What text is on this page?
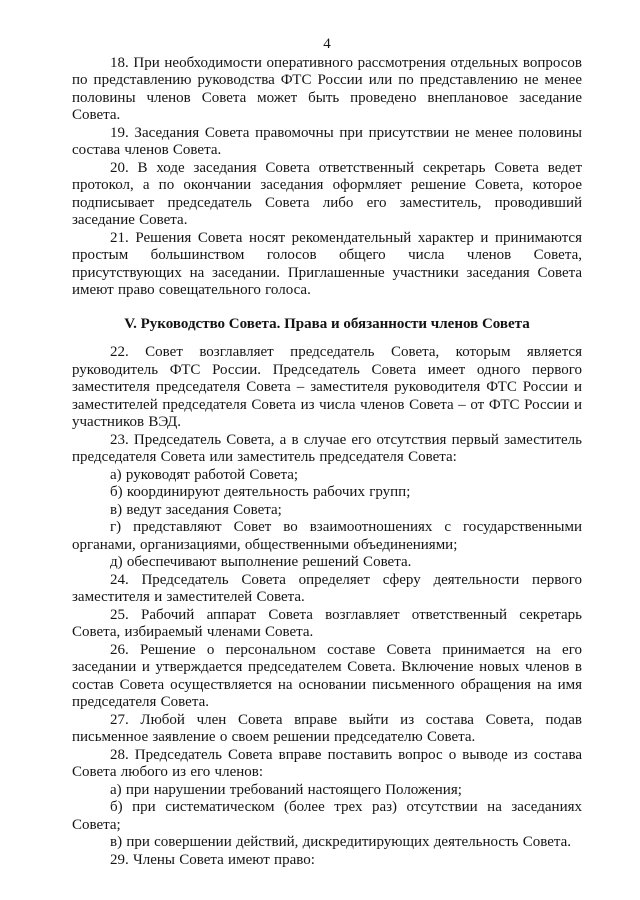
4

18. При необходимости оперативного рассмотрения отдельных вопросов по представлению руководства ФТС России или по представлению не менее половины членов Совета может быть проведено внеплановое заседание Совета.

19. Заседания Совета правомочны при присутствии не менее половины состава членов Совета.

20. В ходе заседания Совета ответственный секретарь Совета ведет протокол, а по окончании заседания оформляет решение Совета, которое подписывает председатель Совета либо его заместитель, проводивший заседание Совета.

21. Решения Совета носят рекомендательный характер и принимаются простым большинством голосов общего числа членов Совета, присутствующих на заседании. Приглашенные участники заседания Совета имеют право совещательного голоса.

V. Руководство Совета. Права и обязанности членов Совета

22. Совет возглавляет председатель Совета, которым является руководитель ФТС России. Председатель Совета имеет одного первого заместителя председателя Совета – заместителя руководителя ФТС России и заместителей председателя Совета из числа членов Совета – от ФТС России и участников ВЭД.

23. Председатель Совета, а в случае его отсутствия первый заместитель председателя Совета или заместитель председателя Совета:

а) руководят работой Совета;

б) координируют деятельность рабочих групп;

в) ведут заседания Совета;

г) представляют Совет во взаимоотношениях с государственными органами, организациями, общественными объединениями;

д) обеспечивают выполнение решений Совета.

24. Председатель Совета определяет сферу деятельности первого заместителя и заместителей Совета.

25. Рабочий аппарат Совета возглавляет ответственный секретарь Совета, избираемый членами Совета.

26. Решение о персональном составе Совета принимается на его заседании и утверждается председателем Совета. Включение новых членов в состав Совета осуществляется на основании письменного обращения на имя председателя Совета.

27. Любой член Совета вправе выйти из состава Совета, подав письменное заявление о своем решении председателю Совета.

28. Председатель Совета вправе поставить вопрос о выводе из состава Совета любого из его членов:

а) при нарушении требований настоящего Положения;

б) при систематическом (более трех раз) отсутствии на заседаниях Совета;

в) при совершении действий, дискредитирующих деятельность Совета.

29. Члены Совета имеют право:
